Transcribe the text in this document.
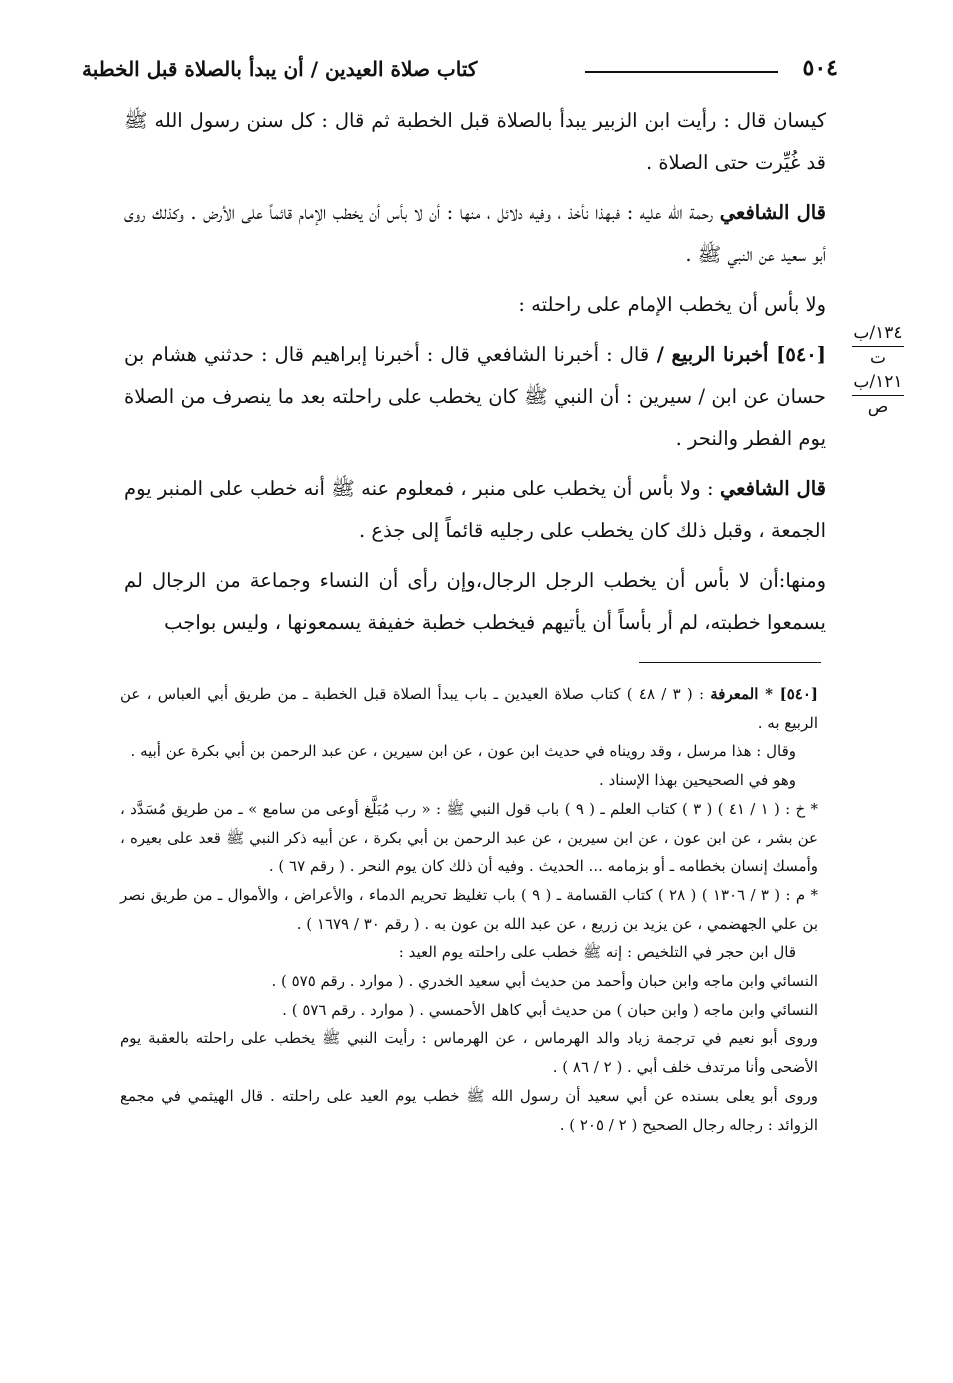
كتاب صلاة العيدين / أن يبدأ بالصلاة قبل الخطبة	٥٠٤
١٣٤/ب
ت
١٢١/ب
ص

كيسان قال : رأيت ابن الزبير يبدأ بالصلاة قبل الخطبة ثم قال : كل سنن رسول الله ﷺ قد غُيِّرت حتى الصلاة .

قال الشافعي رحمة الله عليه : فبهذا نأخذ ، وفيه دلائل ، منها : أن لا بأس أن يخطب الإمام قائماً على الأرض . وكذلك روى أبو سعيد عن النبي ﷺ .

ولا بأس أن يخطب الإمام على راحلته :

[٥٤٠] أخبرنا الربيع / قال : أخبرنا الشافعي قال : أخبرنا إبراهيم قال : حدثني هشام بن حسان عن ابن / سيرين : أن النبي ﷺ كان يخطب على راحلته بعد ما ينصرف من الصلاة يوم الفطر والنحر .

قال الشافعي : ولا بأس أن يخطب على منبر ، فمعلوم عنه ﷺ أنه خطب على المنبر يوم الجمعة ، وقبل ذلك كان يخطب على رجليه قائماً إلى جذع .

ومنها:أن لا بأس أن يخطب الرجل الرجال،وإن رأى أن النساء وجماعة من الرجال لم يسمعوا خطبته، لم أر بأساً أن يأتيهم فيخطب خطبة خفيفة يسمعونها ، وليس بواجب

[٥٤٠] * المعرفة : ( ٣ / ٤٨ ) كتاب صلاة العيدين ـ باب يبدأ الصلاة قبل الخطبة ـ من طريق أبي العباس ، عن الربيع به .

وقال : هذا مرسل ، وقد رويناه في حديث ابن عون ، عن ابن سيرين ، عن عبد الرحمن بن أبي بكرة عن أبيه .

وهو في الصحيحين بهذا الإسناد .

* خ : ( ١ / ٤١ ) ( ٣ ) كتاب العلم ـ ( ٩ ) باب قول النبي ﷺ : « رب مُبَلَّغ أوعى من سامع » ـ من طريق مُسَدَّد ، عن بشر ، عن ابن عون ، عن ابن سيرين ، عن عبد الرحمن بن أبي بكرة ، عن أبيه ذكر النبي ﷺ قعد على بعيره ، وأمسك إنسان بخطامه ـ أو بزمامه ... الحديث . وفيه أن ذلك كان يوم النحر . ( رقم ٦٧ ) .

* م : ( ٣ / ١٣٠٦ ) ( ٢٨ ) كتاب القسامة ـ ( ٩ ) باب تغليظ تحريم الدماء ، والأعراض ، والأموال ـ من طريق نصر بن علي الجهضمي ، عن يزيد بن زريع ، عن عبد الله بن عون به . ( رقم ٣٠ / ١٦٧٩ ) .

قال ابن حجر في التلخيص : إنه ﷺ خطب على راحلته يوم العيد :

النسائي وابن ماجه وابن حبان وأحمد من حديث أبي سعيد الخدري . ( موارد . رقم ٥٧٥ ) .

النسائي وابن ماجه ( وابن حبان ) من حديث أبي كاهل الأحمسي . ( موارد . رقم ٥٧٦ ) .

وروى أبو نعيم في ترجمة زياد والد الهرماس ، عن الهرماس : رأيت النبي ﷺ يخطب على راحلته بالعقبة يوم الأضحى وأنا مرتدف خلف أبي . ( ٢ / ٨٦ ) .

وروى أبو يعلى بسنده عن أبي سعيد أن رسول الله ﷺ خطب يوم العيد على راحلته . قال الهيثمي في مجمع الزوائد : رجاله رجال الصحيح ( ٢ / ٢٠٥ ) .
